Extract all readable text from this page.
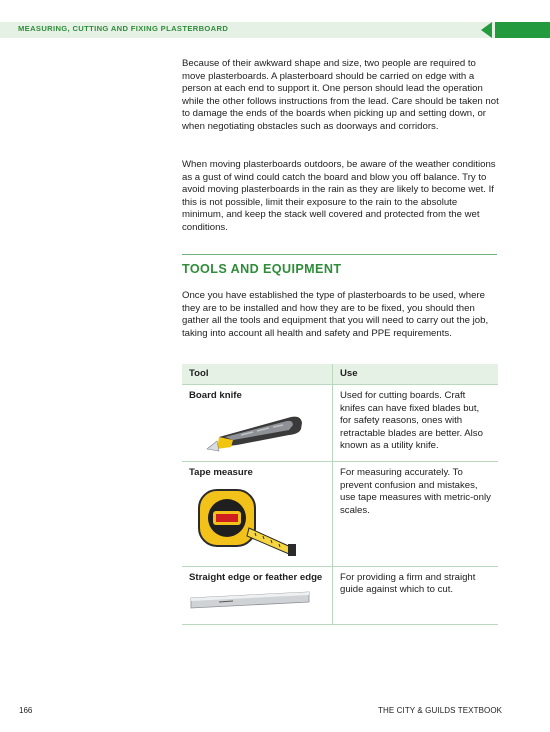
MEASURING, CUTTING AND FIXING PLASTERBOARD

Because of their awkward shape and size, two people are required to move plasterboards. A plasterboard should be carried on edge with a person at each end to support it. One person should lead the operation while the other follows instructions from the lead. Care should be taken not to damage the ends of the boards when picking up and setting down, or when negotiating obstacles such as doorways and corridors.

When moving plasterboards outdoors, be aware of the weather conditions as a gust of wind could catch the board and blow you off balance. Try to avoid moving plasterboards in the rain as they are likely to become wet. If this is not possible, limit their exposure to the rain to the absolute minimum, and keep the stack well covered and protected from the wet conditions.

TOOLS AND EQUIPMENT

Once you have established the type of plasterboards to be used, where they are to be installed and how they are to be fixed, you should then gather all the tools and equipment that you will need to carry out the job, taking into account all health and safety and PPE requirements.

Tool	Use

Board knife	Used for cutting boards. Craft knifes can have fixed blades but, for safety reasons, ones with retractable blades are better. Also known as a utility knife.

Tape measure	For measuring accurately. To prevent confusion and mistakes, use tape measures with metric-only scales.

Straight edge or feather edge	For providing a firm and straight guide against which to cut.
166	THE CITY & GUILDS TEXTBOOK
